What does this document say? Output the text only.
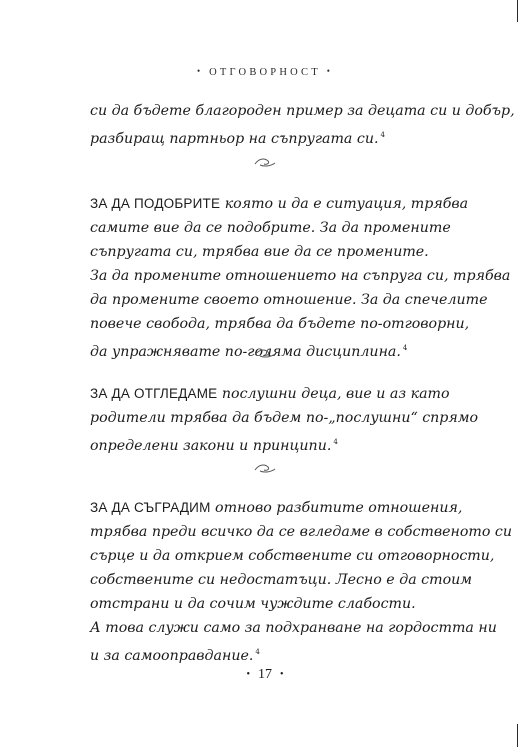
• ОТГОВОРНОСТ •
си да бъдете благороден пример за децата си и добър,
разбиращ партньор на съпругата си. $^4$
ЗА ДА ПОДОБРИТЕ която и да е ситуация, трябва
самите вие да се подобрите. За да промените
съпругата си, трябва вие да се промените.
За да промените отношението на съпруга си, трябва
да промените своето отношение. За да спечелите
повече свобода, трябва да бъдете по-отговорни,
да упражнявате по-голяма дисциплина. $^4$
ЗА ДА ОТГЛЕДАМЕ послушни деца, вие и аз като
родители трябва да бъдем по-„послушни“ спрямо
определени закони и принципи. $^4$
ЗА ДА СЪГРАДИМ отново разбитите отношения,
трябва преди всичко да се вгледаме в собственото си
сърце и да открием собствените си отговорности,
собствените си недостатъци. Лесно е да стоим
отстрани и да сочим чуждите слабости.
А това служи само за подхранване на гордостта ни
и за самооправдание. $^4$
• 17 •
